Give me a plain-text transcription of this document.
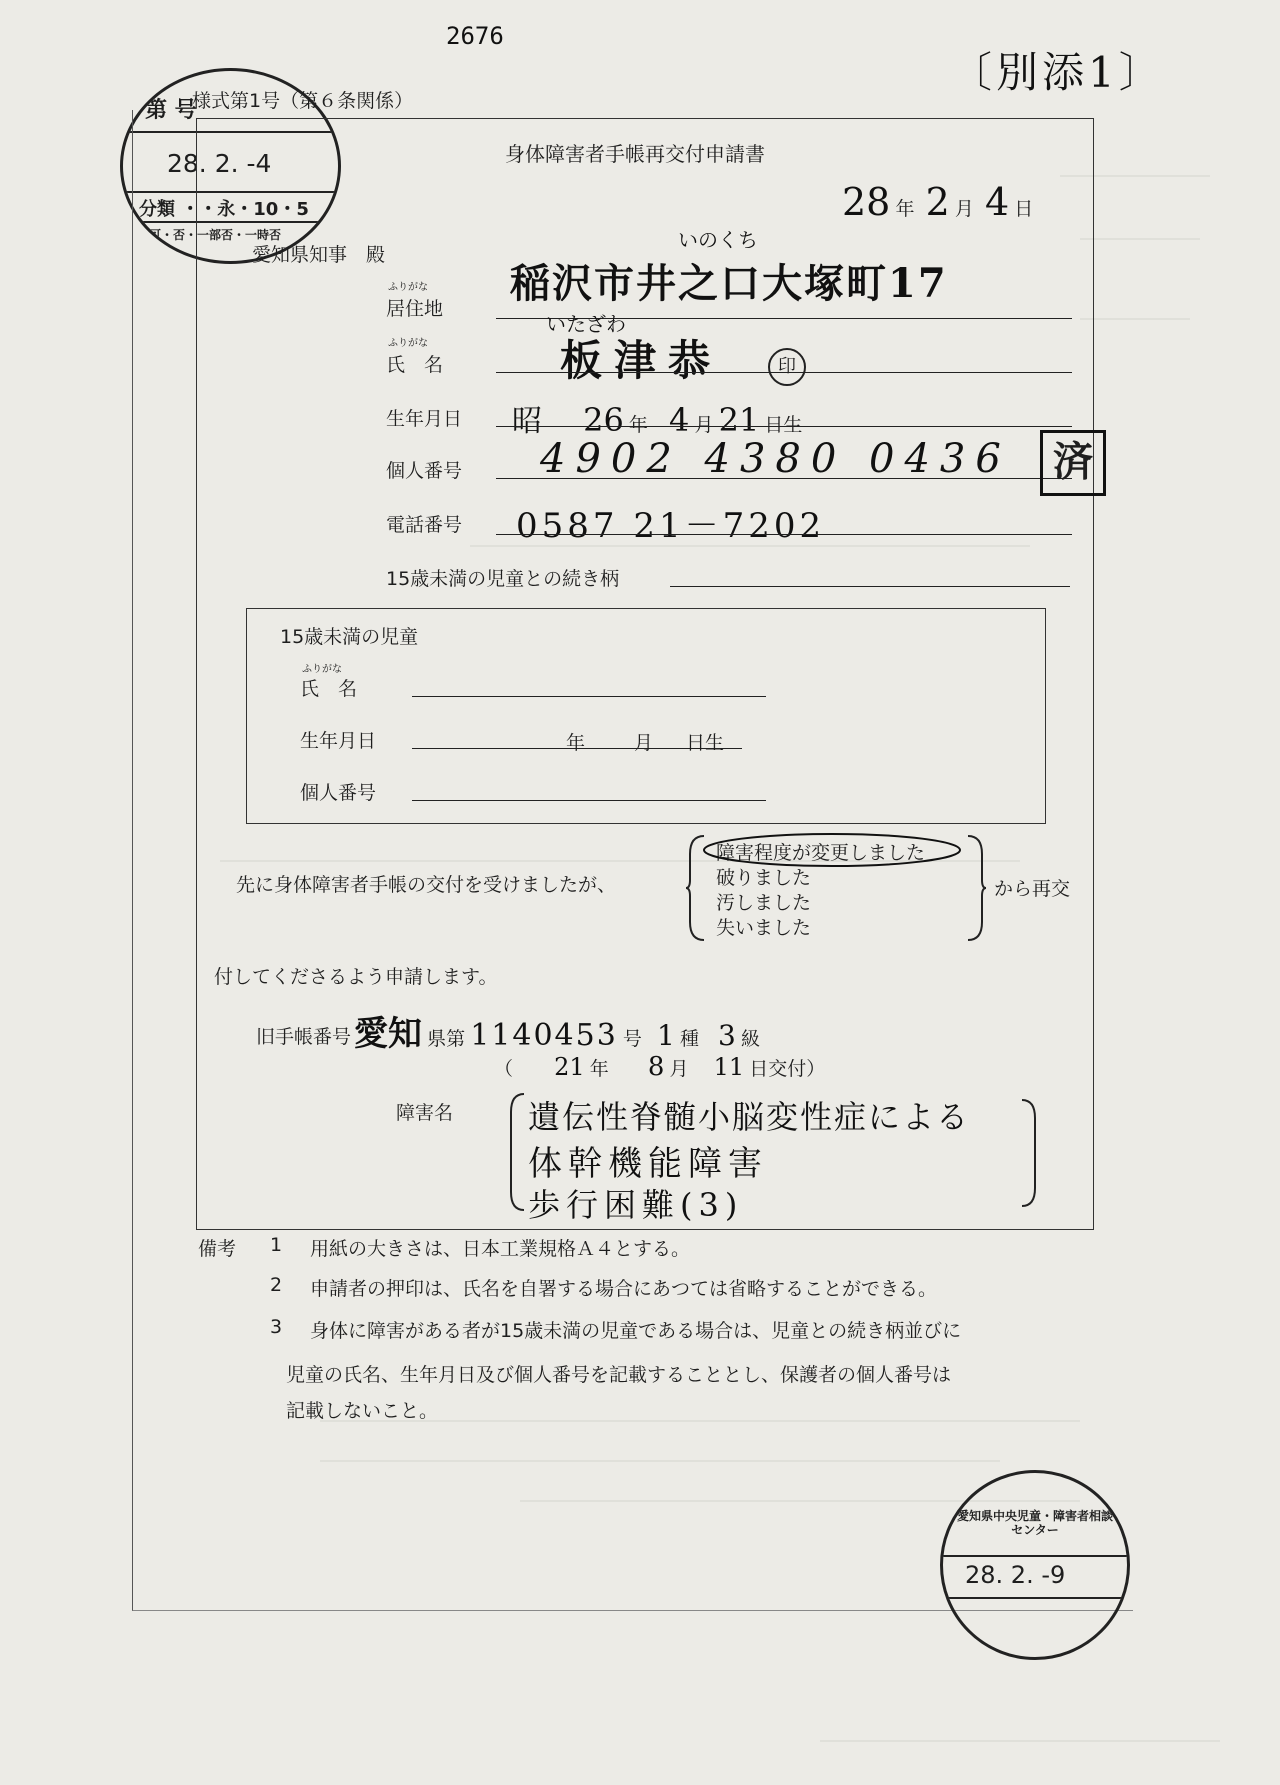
2676
〔別添1〕
第 号
28. 2. -4
分類 ・・永・10・5
可・否・一部否・一時否
様式第1号（第６条関係）
身体障害者手帳再交付申請書
28 年 2 月 4 日
愛知県知事　殿
ふりがな
居住地
いのくち
稲沢市井之口大塚町17
ふりがな
氏　名
いたざわ
板津恭	印
生年月日 昭 26 年 4 月 21 日生
個人番号 4902 4380 0436	済
電話番号 0587 21－7202
15歳未満の児童との続き柄
15歳未満の児童
ふりがな
氏　名
生年月日	年	月 日生
個人番号
先に身体障害者手帳の交付を受けましたが、
障害程度が変更しました
破りました
汚しました
失いました
から再交
付してくださるよう申請します。
旧手帳番号 愛知 県第 1140453 号 1 種 3 級
（ 21 年 8 月 11 日交付）
障害名 遺伝性脊髄小脳変性症による
体幹機能障害
歩行困難(3)
備考 1 用紙の大きさは、日本工業規格Ａ４とする。
2 申請者の押印は、氏名を自署する場合にあつては省略することができる。
3 身体に障害がある者が15歳未満の児童である場合は、児童との続き柄並びに
児童の氏名、生年月日及び個人番号を記載することとし、保護者の個人番号は
記載しないこと。
愛知県中央児童・障害者相談センター
28. 2. -9
